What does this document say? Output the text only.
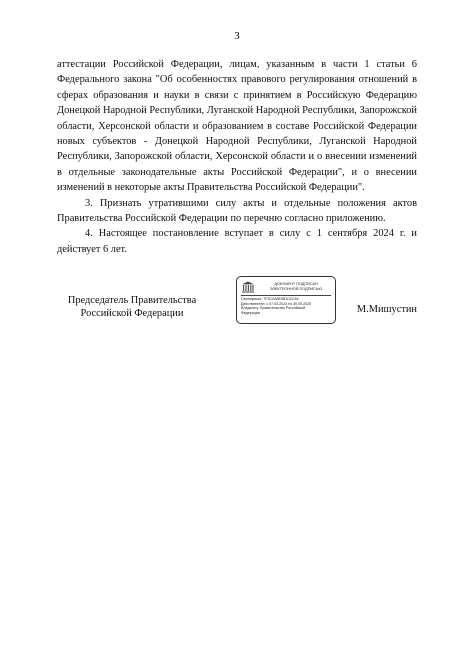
3

аттестации Российской Федерации, лицам, указанным в части 1 статьи 6 Федерального закона "Об особенностях правового регулирования отношений в сферах образования и науки в связи с принятием в Российскую Федерацию Донецкой Народной Республики, Луганской Народной Республики, Запорожской области, Херсонской области и образованием в составе Российской Федерации новых субъектов - Донецкой Народной Республики, Луганской Народной Республики, Запорожской области, Херсонской области и о внесении изменений в отдельные законодательные акты Российской Федерации", и о внесении изменений в некоторые акты Правительства Российской Федерации".

3. Признать утратившими силу акты и отдельные положения актов Правительства Российской Федерации по перечню согласно приложению.

4. Настоящее постановление вступает в силу с 1 сентября 2024 г. и действует 6 лет.

Председатель Правительства
Российской Федерации
ДОКУМЕНТ ПОДПИСАН
ЭЛЕКТРОННОЙ ПОДПИСЬЮ
Сертификат: 7F3C0A8E9B1D2C46
Действителен: с 07.03.2024 по 30.05.2025
Владелец: Правительство Российской
Федерации	М.Мишустин
